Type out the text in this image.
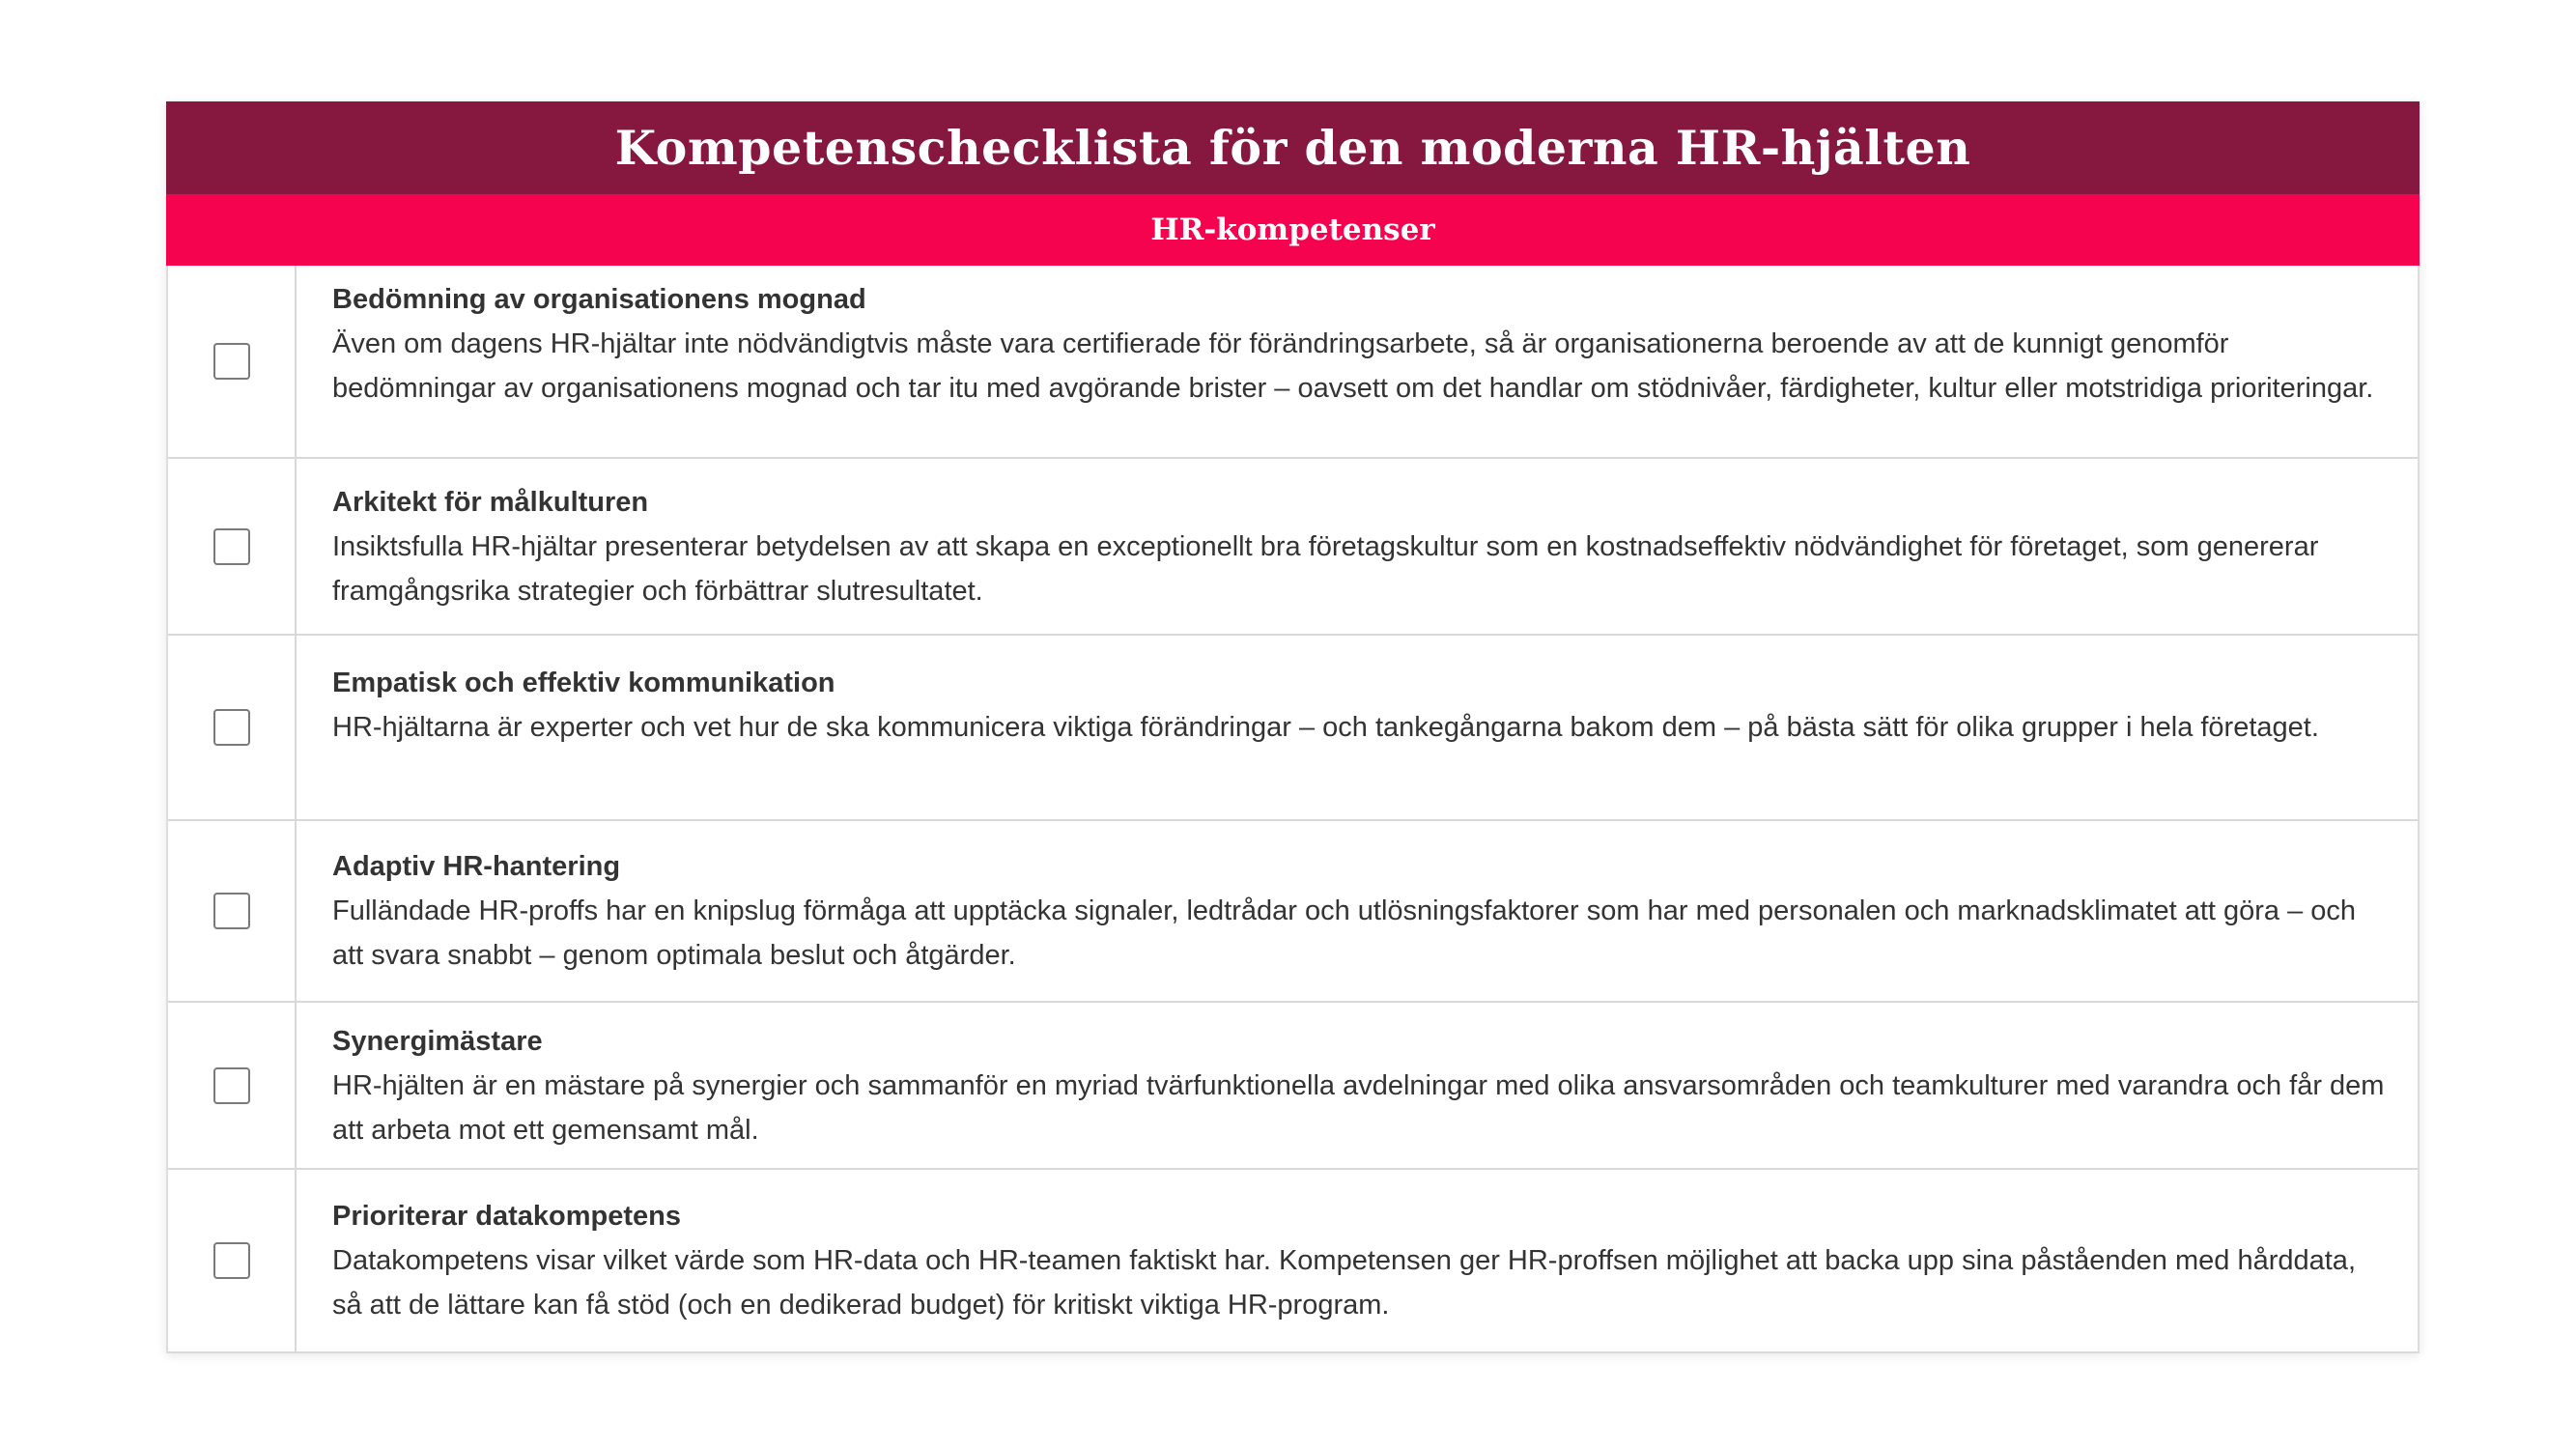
Kompetenschecklista för den moderna HR-hjälten
HR-kompetenser
Bedömning av organisationens mognad
Även om dagens HR-hjältar inte nödvändigtvis måste vara certifierade för förändringsarbete, så är organisationerna beroende av att de kunnigt genomför bedömningar av organisationens mognad och tar itu med avgörande brister – oavsett om det handlar om stödnivåer, färdigheter, kultur eller motstridiga prioriteringar.
Arkitekt för målkulturen
Insiktsfulla HR-hjältar presenterar betydelsen av att skapa en exceptionellt bra företagskultur som en kostnadseffektiv nödvändighet för företaget, som genererar framgångsrika strategier och förbättrar slutresultatet.
Empatisk och effektiv kommunikation
HR-hjältarna är experter och vet hur de ska kommunicera viktiga förändringar – och tankegångarna bakom dem – på bästa sätt för olika grupper i hela företaget.
Adaptiv HR-hantering
Fulländade HR-proffs har en knipslug förmåga att upptäcka signaler, ledtrådar och utlösningsfaktorer som har med personalen och marknadsklimatet att göra – och att svara snabbt – genom optimala beslut och åtgärder.
Synergimästare
HR-hjälten är en mästare på synergier och sammanför en myriad tvärfunktionella avdelningar med olika ansvarsområden och teamkulturer med varandra och får dem att arbeta mot ett gemensamt mål.
Prioriterar datakompetens
Datakompetens visar vilket värde som HR-data och HR-teamen faktiskt har. Kompetensen ger HR-proffsen möjlighet att backa upp sina påståenden med hårddata, så att de lättare kan få stöd (och en dedikerad budget) för kritiskt viktiga HR-program.
